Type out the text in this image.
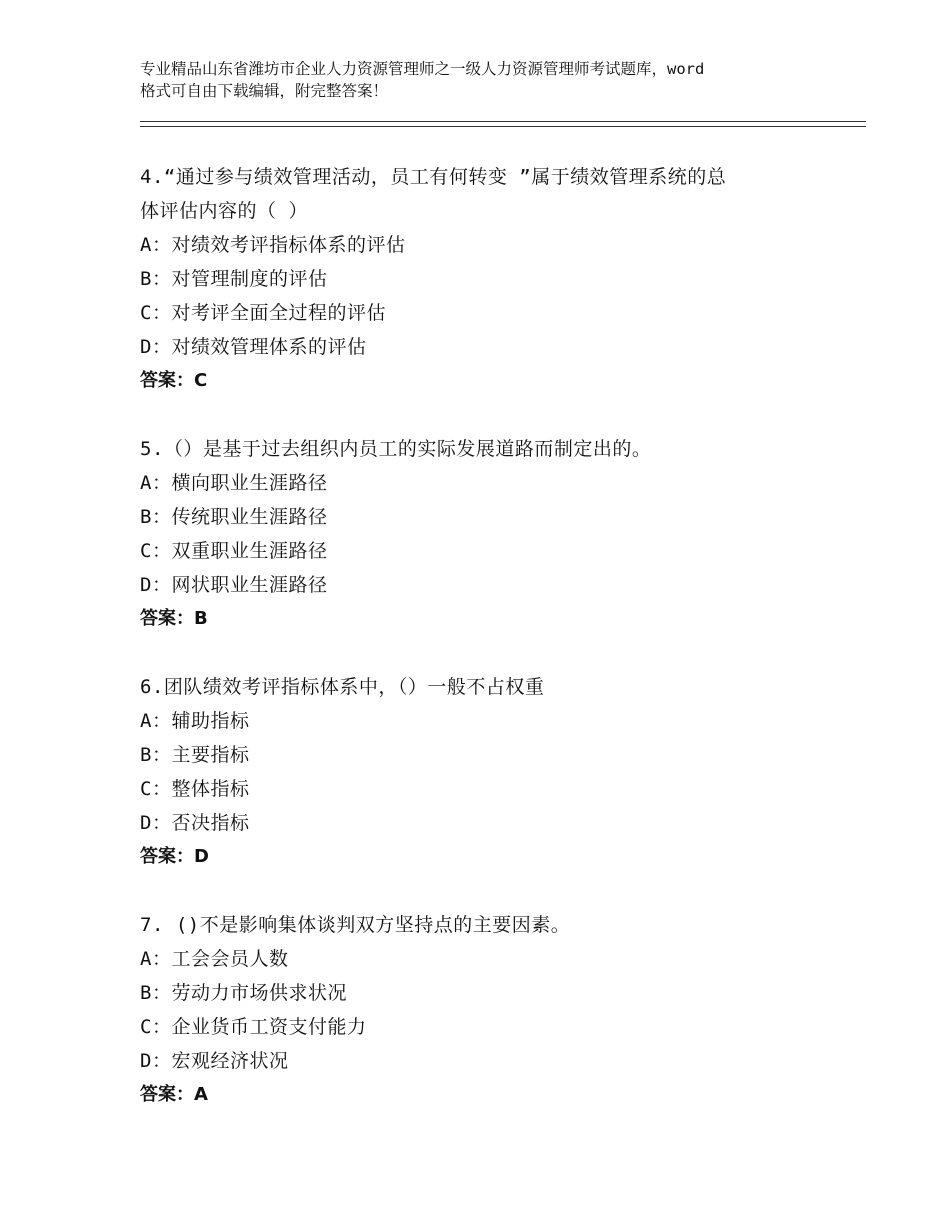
专业精品山东省潍坊市企业人力资源管理师之一级人力资源管理师考试题库，word
格式可自由下载编辑，附完整答案！
4.“通过参与绩效管理活动，员工有何转变 ”属于绩效管理系统的总
体评估内容的（ ）
A：对绩效考评指标体系的评估
B：对管理制度的评估
C：对考评全面全过程的评估
D：对绩效管理体系的评估
答案：C
5.（）是基于过去组织内员工的实际发展道路而制定出的。
A：横向职业生涯路径
B：传统职业生涯路径
C：双重职业生涯路径
D：网状职业生涯路径
答案：B
6.团队绩效考评指标体系中，（）一般不占权重
A：辅助指标
B：主要指标
C：整体指标
D：否决指标
答案：D
7. ()不是影响集体谈判双方坚持点的主要因素。
A：工会会员人数
B：劳动力市场供求状况
C：企业货币工资支付能力
D：宏观经济状况
答案：A
